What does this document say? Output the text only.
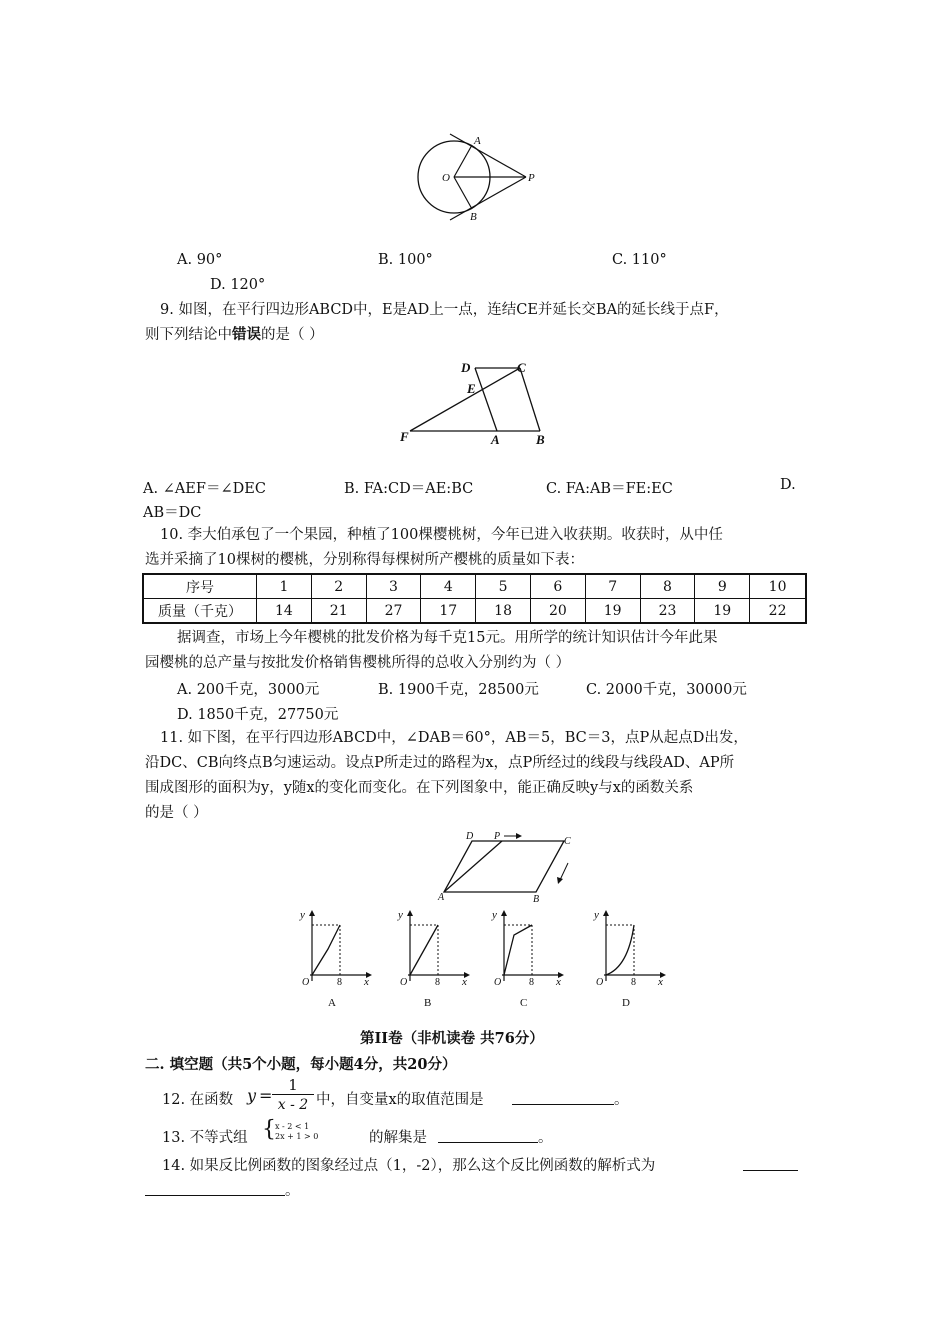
A
O	P
B
A. 90°	B. 100°	C. 110°
D. 120°
9. 如图，在平行四边形ABCD中，E是AD上一点，连结CE并延长交BA的延长线于点F，
则下列结论中错误的是（ ）
D	C
E
F	A	B
A. ∠AEF＝∠DEC	B. FA:CD＝AE:BC	C. FA:AB＝FE:EC	D.
AB＝DC
10. 李大伯承包了一个果园，种植了100棵樱桃树，今年已进入收获期。收获时，从中任
选并采摘了10棵树的樱桃，分别称得每棵树所产樱桃的质量如下表：
序号	1	2	3	4	5	6	7	8	9	10
质量（千克）	14	21	27	17	18	20	19	23	19	22
据调查，市场上今年樱桃的批发价格为每千克15元。用所学的统计知识估计今年此果
园樱桃的总产量与按批发价格销售樱桃所得的总收入分别约为（ ）
A. 200千克，3000元	B. 1900千克，28500元	C. 2000千克，30000元
D. 1850千克，27750元
11. 如下图，在平行四边形ABCD中，∠DAB＝60°，AB＝5，BC＝3，点P从起点D出发，
沿DC、CB向终点B匀速运动。设点P所走过的路程为x，点P所经过的线段与线段AD、AP所
围成图形的面积为y，y随x的变化而变化。在下列图象中，能正确反映y与x的函数关系
的是（ ）
D P	C
A	B
y
O	8 x
A
y
O	8 x
B
y
O	8 x
C
y
O	8 x
D
第II卷（非机读卷 共76分）
二. 填空题（共5个小题，每小题4分，共20分）
12. 在函数 $y = \frac{1}{x - 2}$ 中，自变量x的取值范围是	。
13. 不等式组 { x - 2 < 1
2x + 1 > 0	的解集是	。
14. 如果反比例函数的图象经过点（1，-2），那么这个反比例函数的解析式为
。
